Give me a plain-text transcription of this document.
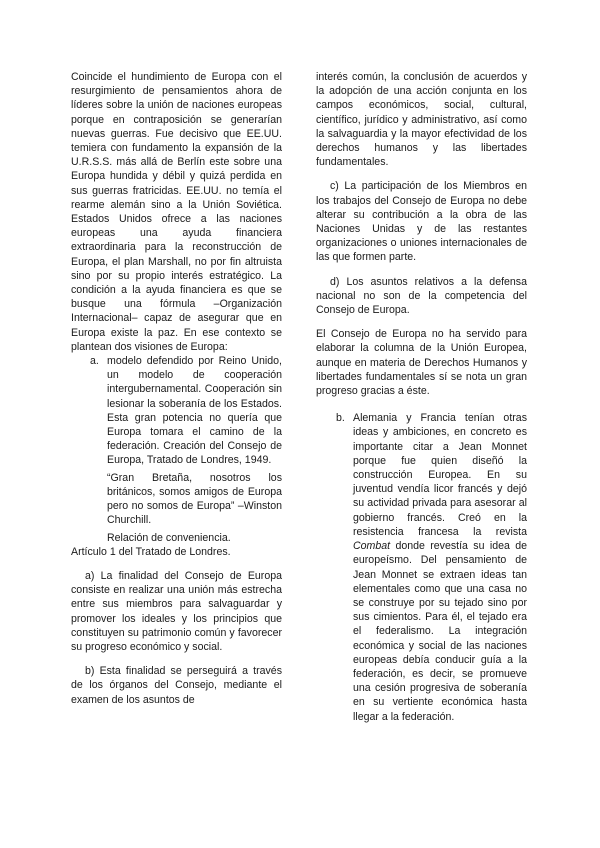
Coincide el hundimiento de Europa con el resurgimiento de pensamientos ahora de líderes sobre la unión de naciones europeas porque en contraposición se generarían nuevas guerras. Fue decisivo que EE.UU. temiera con fundamento la expansión de la U.R.S.S. más allá de Berlín este sobre una Europa hundida y débil y quizá perdida en sus guerras fratricidas. EE.UU. no temía el rearme alemán sino a la Unión Soviética. Estados Unidos ofrece a las naciones europeas una ayuda financiera extraordinaria para la reconstrucción de Europa, el plan Marshall, no por fin altruista sino por su propio interés estratégico. La condición a la ayuda financiera es que se busque una fórmula –Organización Internacional– capaz de asegurar que en Europa existe la paz. En ese contexto se plantean dos visiones de Europa:

a. modelo defendido por Reino Unido, un modelo de cooperación intergubernamental. Cooperación sin lesionar la soberanía de los Estados. Esta gran potencia no quería que Europa tomara el camino de la federación. Creación del Consejo de Europa, Tratado de Londres, 1949.

“Gran Bretaña, nosotros los británicos, somos amigos de Europa pero no somos de Europa” –Winston Churchill.

Relación de conveniencia.

Artículo 1 del Tratado de Londres.

a) La finalidad del Consejo de Europa consiste en realizar una unión más estrecha entre sus miembros para salvaguardar y promover los ideales y los principios que constituyen su patrimonio común y favorecer su progreso económico y social.

b) Esta finalidad se perseguirá a través de los órganos del Consejo, mediante el examen de los asuntos de

interés común, la conclusión de acuerdos y la adopción de una acción conjunta en los campos económicos, social, cultural, científico, jurídico y administrativo, así como la salvaguardia y la mayor efectividad de los derechos humanos y las libertades fundamentales.

c) La participación de los Miembros en los trabajos del Consejo de Europa no debe alterar su contribución a la obra de las Naciones Unidas y de las restantes organizaciones o uniones internacionales de las que formen parte.

d) Los asuntos relativos a la defensa nacional no son de la competencia del Consejo de Europa.

El Consejo de Europa no ha servido para elaborar la columna de la Unión Europea, aunque en materia de Derechos Humanos y libertades fundamentales sí se nota un gran progreso gracias a éste.

b. Alemania y Francia tenían otras ideas y ambiciones, en concreto es importante citar a Jean Monnet porque fue quien diseñó la construcción Europea. En su juventud vendía licor francés y dejó su actividad privada para asesorar al gobierno francés. Creó en la resistencia francesa la revista Combat donde revestía su idea de europeísmo. Del pensamiento de Jean Monnet se extraen ideas tan elementales como que una casa no se construye por su tejado sino por sus cimientos. Para él, el tejado era el federalismo. La integración económica y social de las naciones europeas debía conducir guía a la federación, es decir, se promueve una cesión progresiva de soberanía en su vertiente económica hasta llegar a la federación.
